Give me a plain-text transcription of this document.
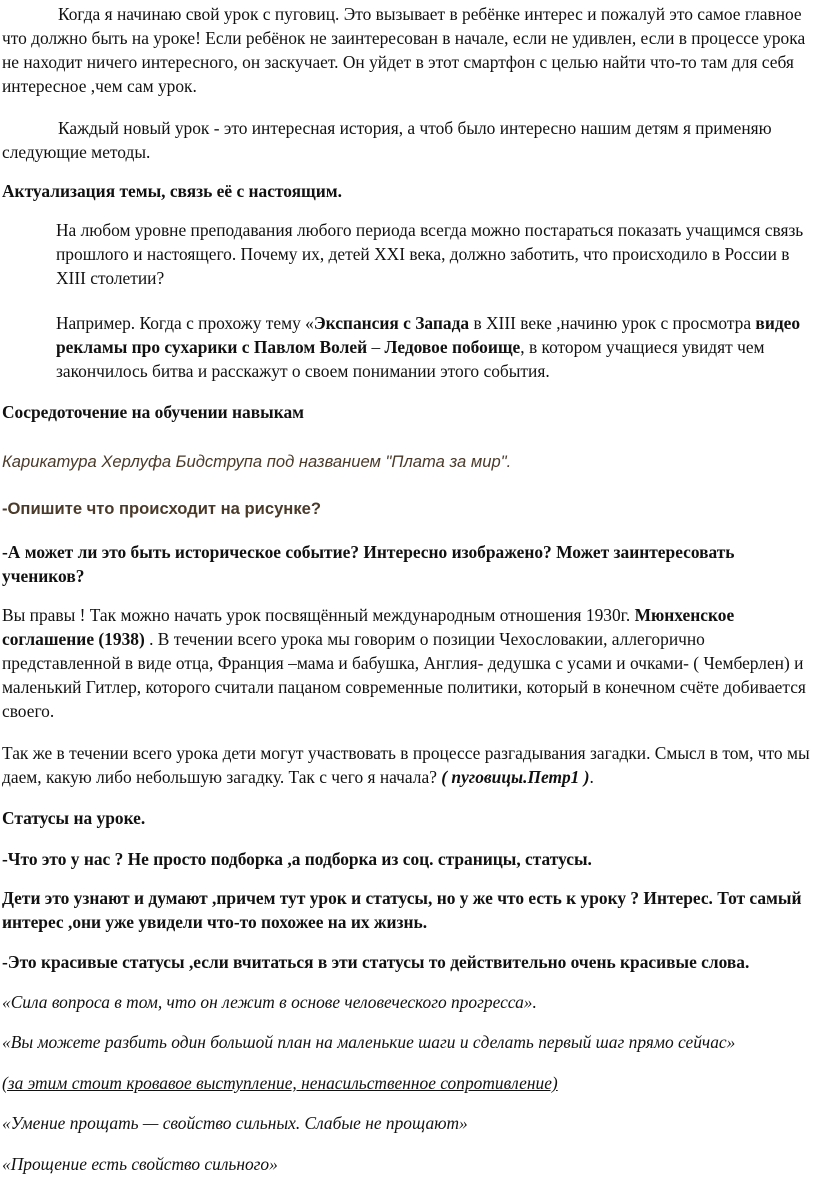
Когда я начинаю свой урок с пуговиц. Это вызывает в ребёнке интерес и пожалуй это самое главное что должно быть на уроке! Если ребёнок не заинтересован в начале, если не удивлен, если в процессе урока не находит ничего интересного, он заскучает. Он уйдет в этот смартфон с целью найти что-то там для себя интересное ,чем сам урок.

Каждый новый урок - это интересная история, а чтоб было интересно нашим детям я применяю следующие методы.

Актуализация темы, связь её с настоящим.

На любом уровне преподавания любого периода всегда можно постараться показать учащимся связь прошлого и настоящего. Почему их, детей XXI века, должно заботить, что происходило в России в XIII столетии?

Например. Когда с прохожу тему «Экспансия с Запада в XIII веке ,начиню урок с просмотра видео рекламы про сухарики с Павлом Волей – Ледовое побоище, в котором учащиеся увидят чем закончилось битва и расскажут о своем понимании этого события.

Сосредоточение на обучении навыкам

Карикатура Херлуфа Бидструпа под названием "Плата за мир".

-Опишите что происходит на рисунке?

-А может ли это быть историческое событие? Интересно изображено? Может заинтересовать учеников?

Вы правы ! Так можно начать урок посвящённый международным отношения 1930г. Мюнхенское соглашение (1938) . В течении всего урока мы говорим о позиции Чехословакии, аллегорично представленной в виде отца, Франция –мама и бабушка, Англия- дедушка с усами и очками- ( Чемберлен) и маленький Гитлер, которого считали пацаном современные политики, который в конечном счёте добивается своего.

Так же в течении всего урока дети могут участвовать в процессе разгадывания загадки. Смысл в том, что мы даем, какую либо небольшую загадку. Так с чего я начала? ( пуговицы.Петр1 ).

Статусы на уроке.

-Что это у нас ? Не просто подборка ,а подборка из соц. страницы, статусы.

Дети это узнают и думают ,причем тут урок и статусы, но у же что есть к уроку ? Интерес. Тот самый интерес ,они уже увидели что-то похожее на их жизнь.

-Это красивые статусы ,если вчитаться в эти статусы то действительно очень красивые слова.

«Сила вопроса в том, что он лежит в основе человеческого прогресса».

«Вы можете разбить один большой план на маленькие шаги и сделать первый шаг прямо сейчас»

(за этим стоит кровавое выступление, ненасильственное сопротивление)

«Умение прощать — свойство сильных. Слабые не прощают»

«Прощение есть свойство сильного»
